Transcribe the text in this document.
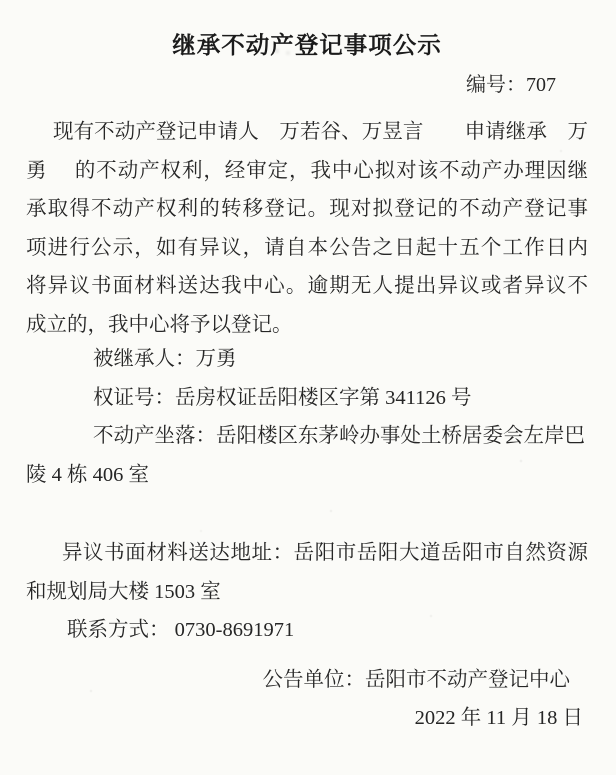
继承不动产登记事项公示
编号：707
现有不动产登记申请人　万若谷、万昱言　　申请继承　万
勇　 的不动产权利，经审定，我中心拟对该不动产办理因继
承取得不动产权利的转移登记。现对拟登记的不动产登记事
项进行公示，如有异议，请自本公告之日起十五个工作日内
将异议书面材料送达我中心。逾期无人提出异议或者异议不
成立的，我中心将予以登记。
被继承人：万勇
权证号：岳房权证岳阳楼区字第 341126 号
不动产坐落：岳阳楼区东茅岭办事处土桥居委会左岸巴
陵 4 栋 406 室
异议书面材料送达地址：岳阳市岳阳大道岳阳市自然资源
和规划局大楼 1503 室
联系方式： 0730-8691971
公告单位：岳阳市不动产登记中心
2022 年 11 月 18 日
